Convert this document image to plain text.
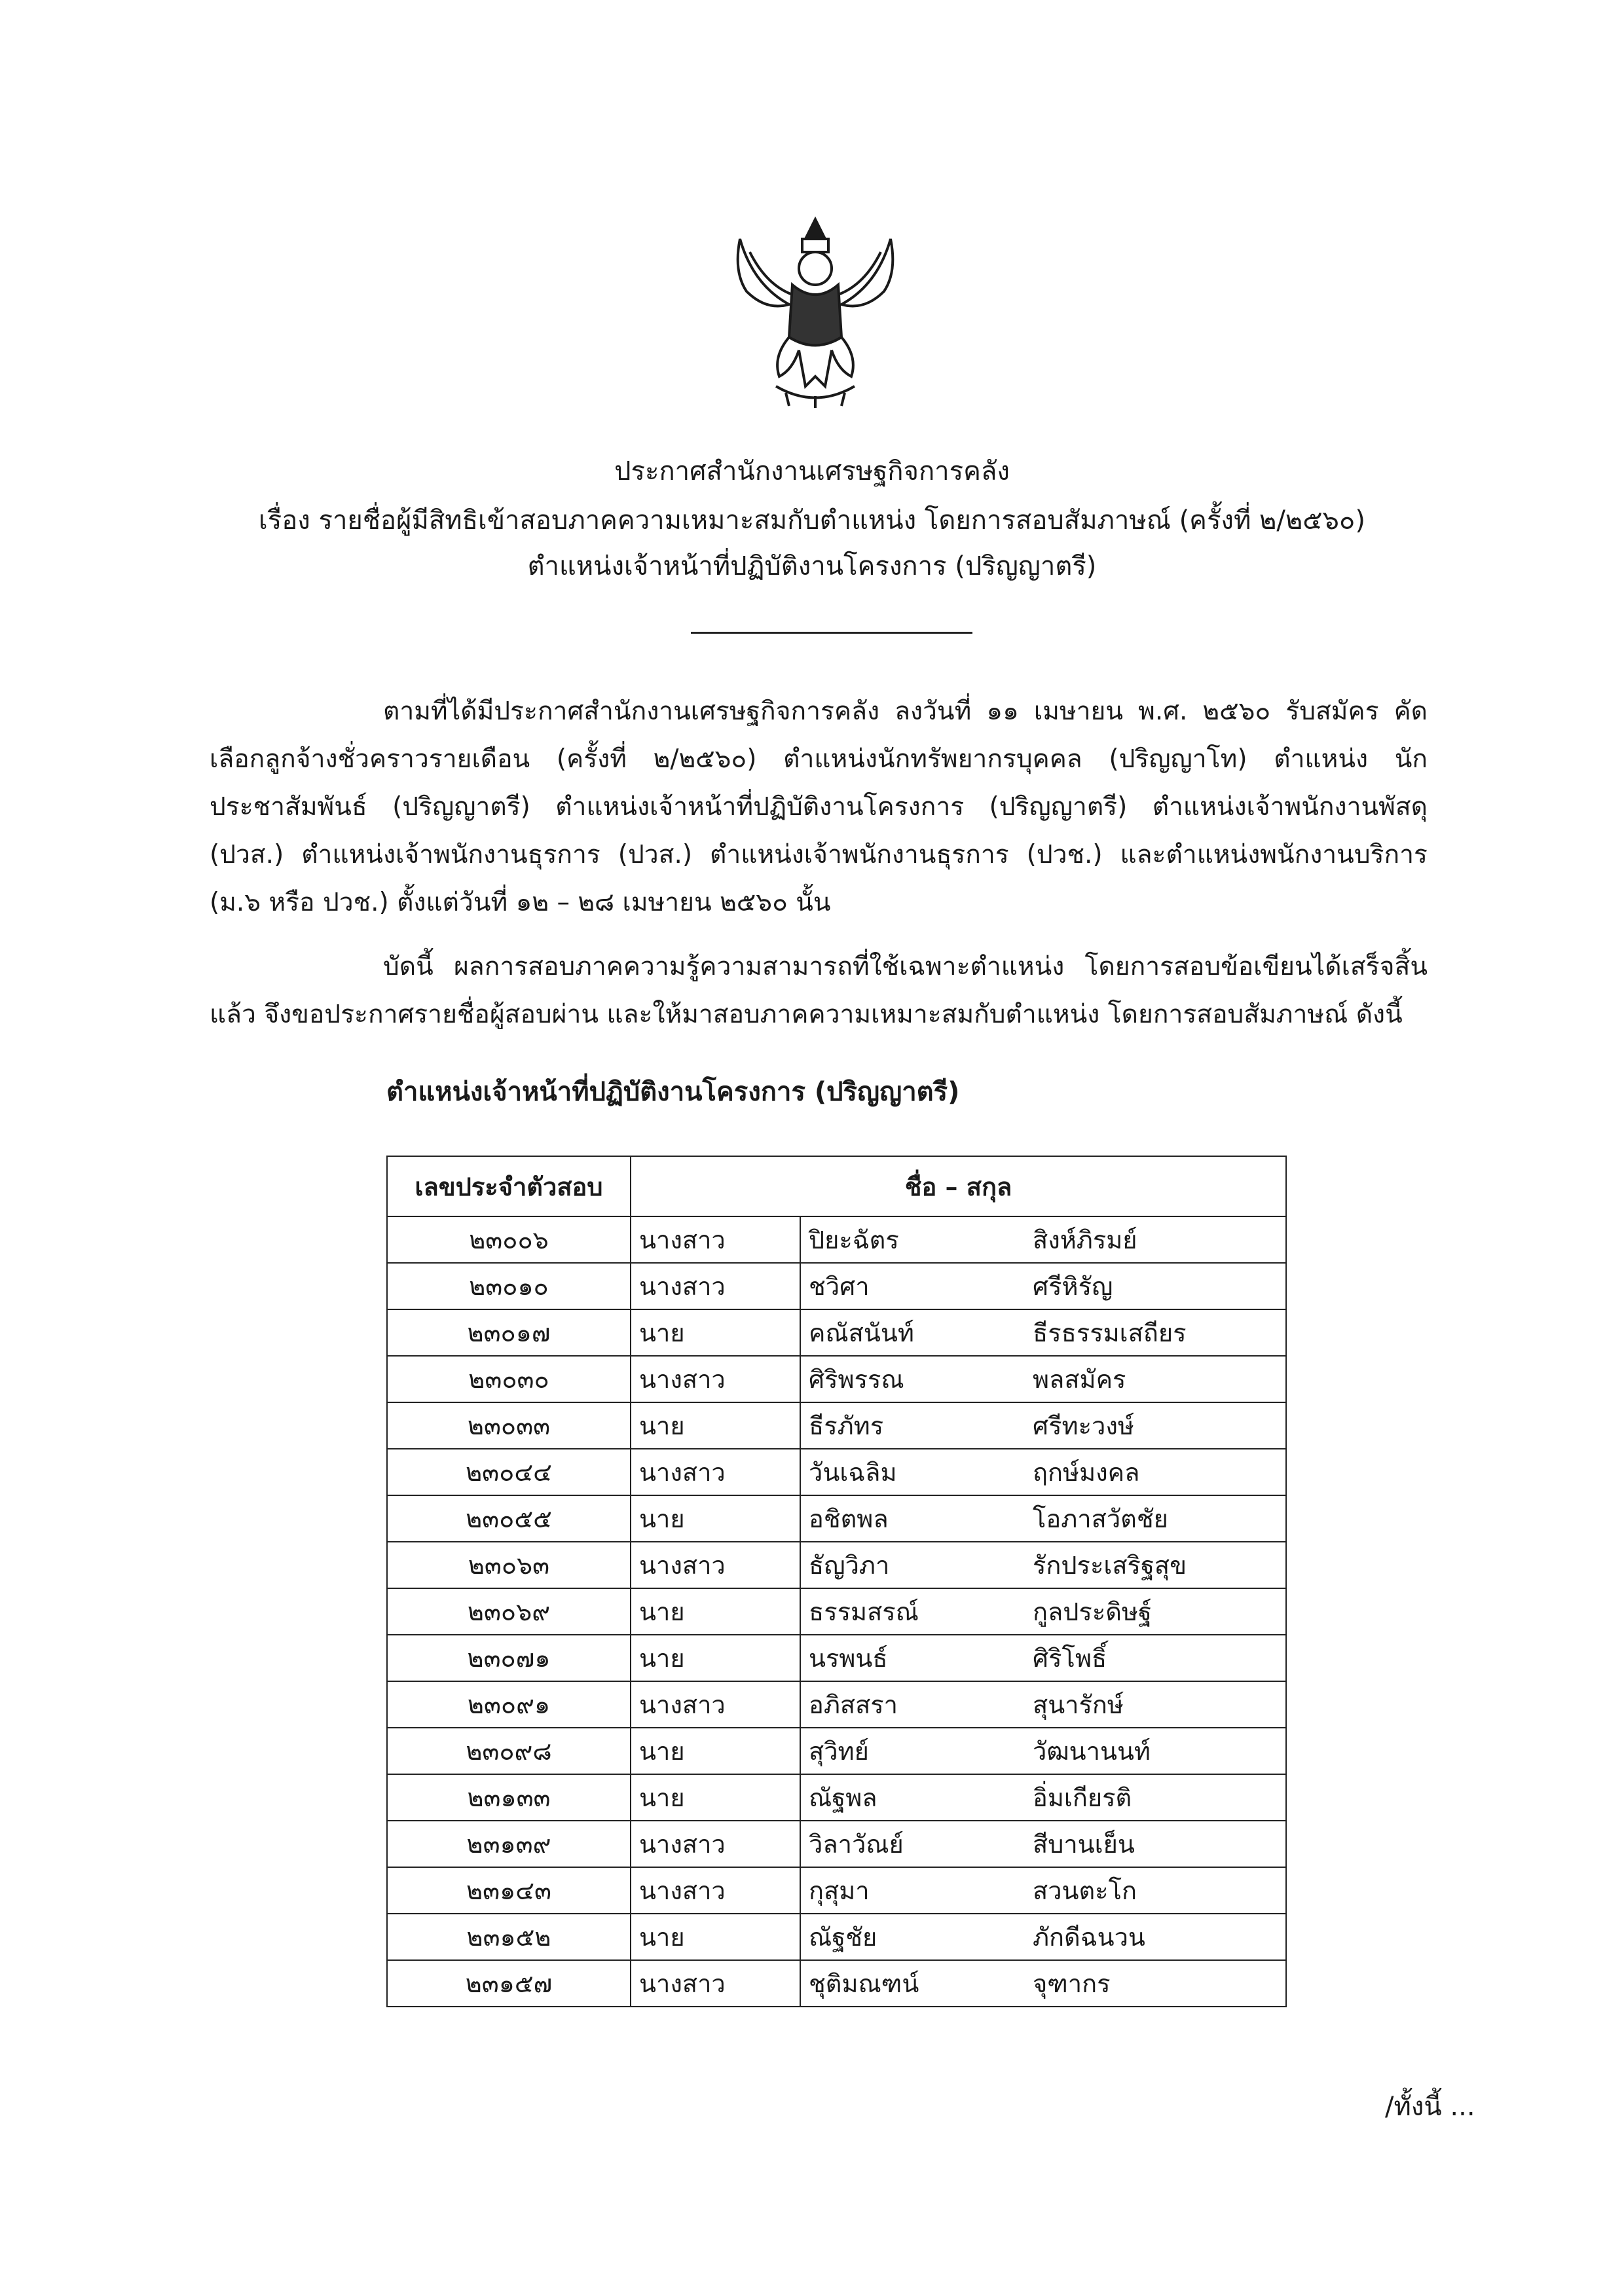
ประกาศสำนักงานเศรษฐกิจการคลัง
เรื่อง รายชื่อผู้มีสิทธิเข้าสอบภาคความเหมาะสมกับตำแหน่ง โดยการสอบสัมภาษณ์ (ครั้งที่ ๒/๒๕๖๐)
ตำแหน่งเจ้าหน้าที่ปฏิบัติงานโครงการ (ปริญญาตรี)
ตามที่ได้มีประกาศสำนักงานเศรษฐกิจการคลัง ลงวันที่ ๑๑ เมษายน พ.ศ. ๒๕๖๐ รับสมัคร คัดเลือกลูกจ้างชั่วคราวรายเดือน (ครั้งที่ ๒/๒๕๖๐) ตำแหน่งนักทรัพยากรบุคคล (ปริญญาโท) ตำแหน่ง นักประชาสัมพันธ์ (ปริญญาตรี) ตำแหน่งเจ้าหน้าที่ปฏิบัติงานโครงการ (ปริญญาตรี) ตำแหน่งเจ้าพนักงานพัสดุ (ปวส.) ตำแหน่งเจ้าพนักงานธุรการ (ปวส.) ตำแหน่งเจ้าพนักงานธุรการ (ปวช.) และตำแหน่งพนักงานบริการ (ม.๖ หรือ ปวช.) ตั้งแต่วันที่ ๑๒ – ๒๘ เมษายน ๒๕๖๐ นั้น
บัดนี้ ผลการสอบภาคความรู้ความสามารถที่ใช้เฉพาะตำแหน่ง โดยการสอบข้อเขียนได้เสร็จสิ้นแล้ว จึงขอประกาศรายชื่อผู้สอบผ่าน และให้มาสอบภาคความเหมาะสมกับตำแหน่ง โดยการสอบสัมภาษณ์ ดังนี้
ตำแหน่งเจ้าหน้าที่ปฏิบัติงานโครงการ (ปริญญาตรี)
เลขประจำตัวสอบ	ชื่อ – สกุล		
๒๓๐๐๖	นางสาว	ปิยะฉัตร	สิงห์ภิรมย์
๒๓๐๑๐	นางสาว	ชวิศา	ศรีหิรัญ
๒๓๐๑๗	นาย	คณัสนันท์	ธีรธรรมเสถียร
๒๓๐๓๐	นางสาว	ศิริพรรณ	พลสมัคร
๒๓๐๓๓	นาย	ธีรภัทร	ศรีทะวงษ์
๒๓๐๔๔	นางสาว	วันเฉลิม	ฤกษ์มงคล
๒๓๐๕๕	นาย	อชิตพล	โอภาสวัตชัย
๒๓๐๖๓	นางสาว	ธัญวิภา	รักประเสริฐสุข
๒๓๐๖๙	นาย	ธรรมสรณ์	กูลประดิษฐ์
๒๓๐๗๑	นาย	นรพนธ์	ศิริโพธิ์
๒๓๐๙๑	นางสาว	อภิสสรา	สุนารักษ์
๒๓๐๙๘	นาย	สุวิทย์	วัฒนานนท์
๒๓๑๓๓	นาย	ณัฐพล	อิ่มเกียรติ
๒๓๑๓๙	นางสาว	วิลาวัณย์	สีบานเย็น
๒๓๑๔๓	นางสาว	กุสุมา	สวนตะโก
๒๓๑๕๒	นาย	ณัฐชัย	ภักดีฉนวน
๒๓๑๕๗	นางสาว	ชุติมณฑน์	จุฑากร
/ทั้งนี้ ...
